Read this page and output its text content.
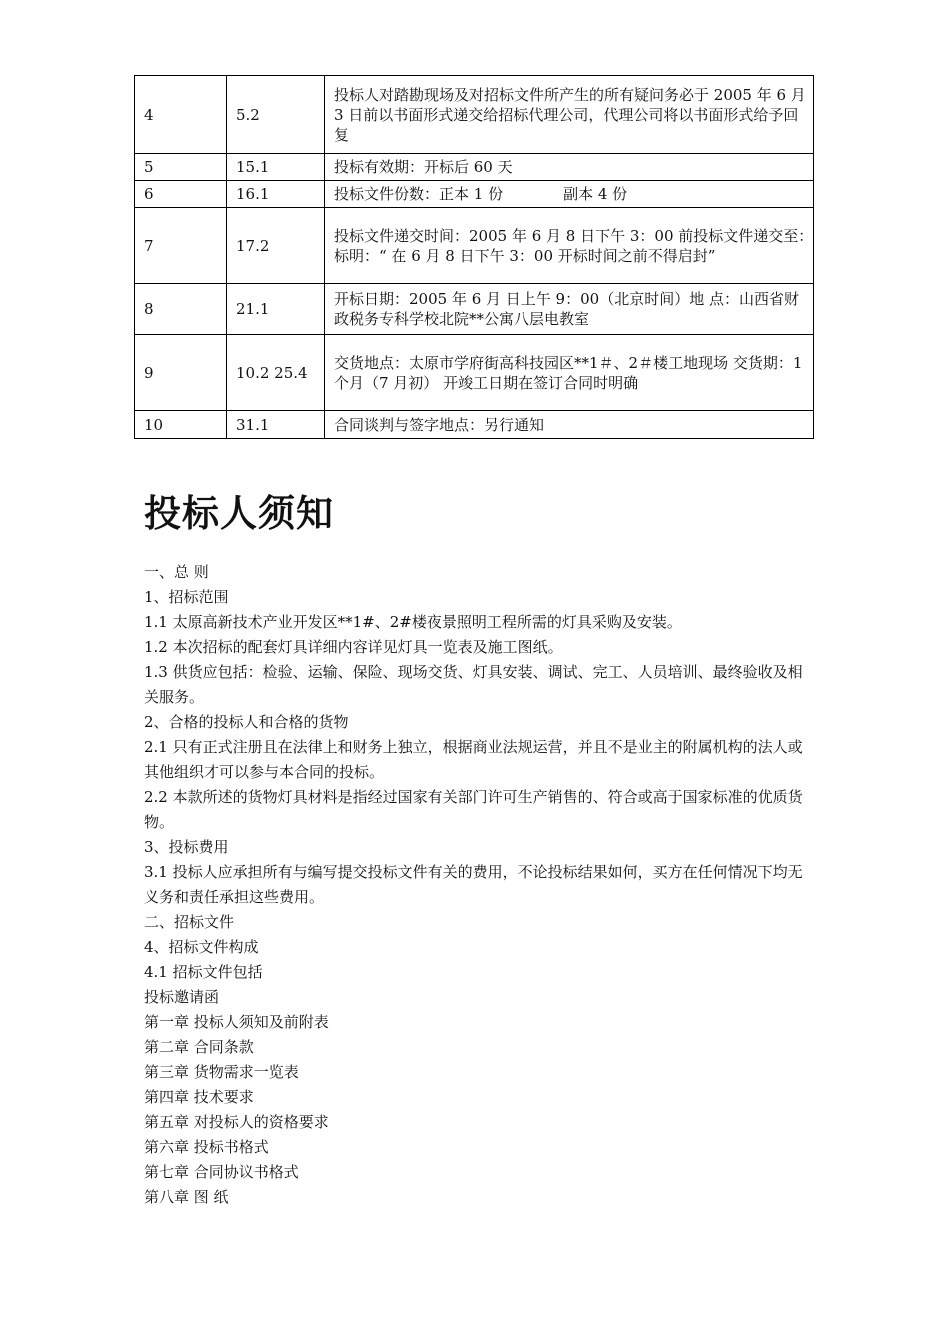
4	5.2	投标人对踏勘现场及对招标文件所产生的所有疑问务必于 2005 年 6 月 3 日前以书面形式递交给招标代理公司，代理公司将以书面形式给予回复
5	15.1	投标有效期：开标后 60 天
6	16.1	投标文件份数：正本 1 份　　　　副本 4 份
7	17.2	投标文件递交时间：2005 年 6 月 8 日下午 3：00 前投标文件递交至：　标明：“ 在 6 月 8 日下午 3：00 开标时间之前不得启封”
8	21.1	开标日期：2005 年 6 月 日上午 9：00（北京时间）地 点：山西省财政税务专科学校北院**公寓八层电教室
9	10.2 25.4	交货地点：太原市学府街高科技园区**1＃、2＃楼工地现场 交货期：1 个月（7 月初） 开竣工日期在签订合同时明确
10	31.1	合同谈判与签字地点：另行通知
投标人须知

一、总 则

1、招标范围

1.1 太原高新技术产业开发区**1#、2#楼夜景照明工程所需的灯具采购及安装。

1.2 本次招标的配套灯具详细内容详见灯具一览表及施工图纸。

1.3 供货应包括：检验、运输、保险、现场交货、灯具安装、调试、完工、人员培训、最终验收及相关服务。

2、合格的投标人和合格的货物

2.1 只有正式注册且在法律上和财务上独立，根据商业法规运营，并且不是业主的附属机构的法人或其他组织才可以参与本合同的投标。

2.2 本款所述的货物灯具材料是指经过国家有关部门许可生产销售的、符合或高于国家标准的优质货物。

3、投标费用

3.1 投标人应承担所有与编写提交投标文件有关的费用，不论投标结果如何，买方在任何情况下均无义务和责任承担这些费用。

二、招标文件

4、招标文件构成

4.1 招标文件包括

投标邀请函

第一章 投标人须知及前附表

第二章 合同条款

第三章 货物需求一览表

第四章 技术要求

第五章 对投标人的资格要求

第六章 投标书格式

第七章 合同协议书格式

第八章 图 纸
